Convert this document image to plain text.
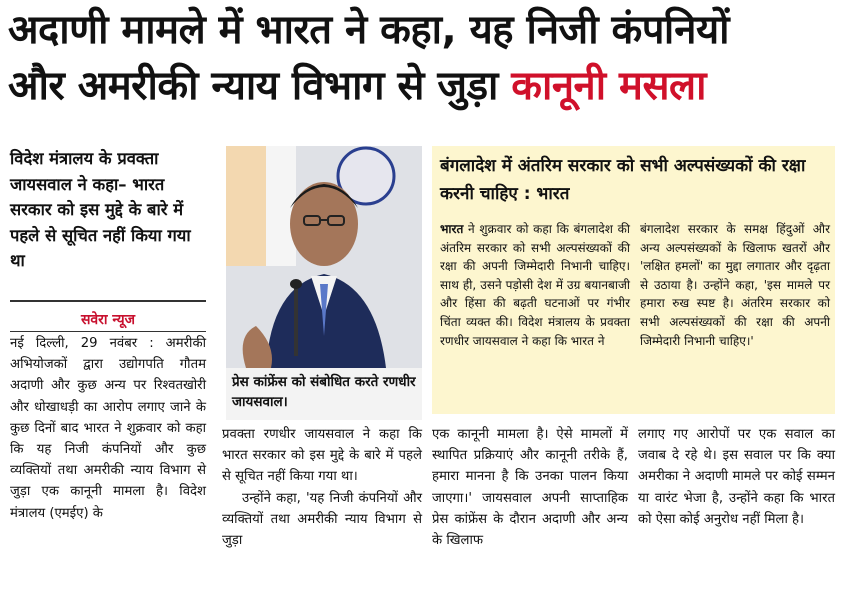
अदाणी मामले में भारत ने कहा, यह निजी कंपनियों
और अमरीकी न्याय विभाग से जुड़ा कानूनी मसला
विदेश मंत्रालय के प्रवक्ता जायसवाल ने कहा– भारत सरकार को इस मुद्दे के बारे में पहले से सूचित नहीं किया गया था
सवेरा न्यूज
नई दिल्ली, 29 नवंबर : अमरीकी अभियोजकों द्वारा उद्योगपति गौतम अदाणी और कुछ अन्य पर रिश्वतखोरी और धोखाधड़ी का आरोप लगाए जाने के कुछ दिनों बाद भारत ने शुक्रवार को कहा कि यह निजी कंपनियों और कुछ व्यक्तियों तथा अमरीकी न्याय विभाग से जुड़ा एक कानूनी मामला है। विदेश मंत्रालय (एमईए) के
प्रेस कांफ्रेंस को संबोधित करते रणधीर जायसवाल।
प्रवक्ता रणधीर जायसवाल ने कहा कि भारत सरकार को इस मुद्दे के बारे में पहले से सूचित नहीं किया गया था।
उन्होंने कहा, 'यह निजी कंपनियों और व्यक्तियों तथा अमरीकी न्याय विभाग से जुड़ा
बंगलादेश में अंतरिम सरकार को सभी अल्पसंख्यकों की रक्षा करनी चाहिए : भारत
भारत ने शुक्रवार को कहा कि बंगलादेश की अंतरिम सरकार को सभी अल्पसंख्यकों की रक्षा की अपनी जिम्मेदारी निभानी चाहिए। साथ ही, उसने पड़ोसी देश में उग्र बयानबाजी और हिंसा की बढ़ती घटनाओं पर गंभीर चिंता व्यक्त की। विदेश मंत्रालय के प्रवक्ता रणधीर जायसवाल ने कहा कि भारत ने
बंगलादेश सरकार के समक्ष हिंदुओं और अन्य अल्पसंख्यकों के खिलाफ खतरों और 'लक्षित हमलों' का मुद्दा लगातार और दृढ़ता से उठाया है। उन्होंने कहा, 'इस मामले पर हमारा रुख स्पष्ट है। अंतरिम सरकार को सभी अल्पसंख्यकों की रक्षा की अपनी जिम्मेदारी निभानी चाहिए।'
एक कानूनी मामला है। ऐसे मामलों में स्थापित प्रक्रियाएं और कानूनी तरीके हैं, हमारा मानना है कि उनका पालन किया जाएगा।' जायसवाल अपनी साप्ताहिक प्रेस कांफ्रेंस के दौरान अदाणी और अन्य के खिलाफ
लगाए गए आरोपों पर एक सवाल का जवाब दे रहे थे। इस सवाल पर कि क्या अमरीका ने अदाणी मामले पर कोई सम्मन या वारंट भेजा है, उन्होंने कहा कि भारत को ऐसा कोई अनुरोध नहीं मिला है।
